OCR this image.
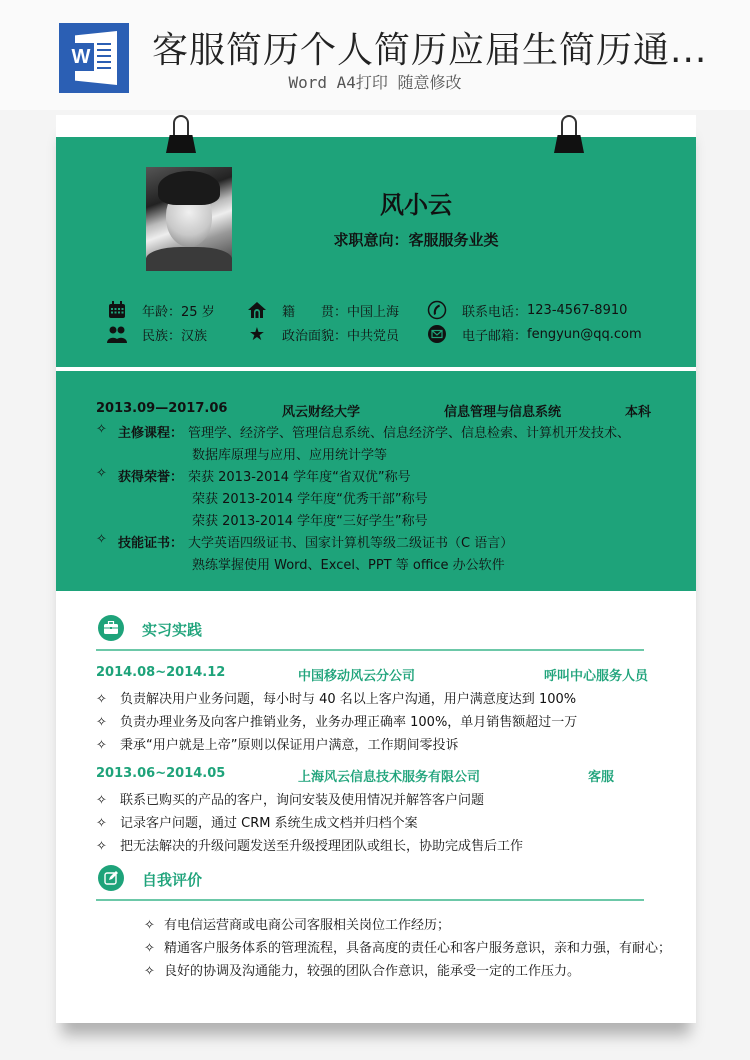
W 客服简历个人简历应届生简历通...
Word A4打印 随意修改
风小云
求职意向：客服服务业类
年龄： 25 岁	籍　　贯： 中国上海	联系电话： 123-4567-8910
民族： 汉族 ★ 政治面貌： 中共党员	电子邮箱： fengyun@qq.com
2013.09—2017.06	风云财经大学	信息管理与信息系统	本科
✧ 主修课程： 管理学、经济学、管理信息系统、信息经济学、信息检索、计算机开发技术、
数据库原理与应用、应用统计学等
✧ 获得荣誉： 荣获 2013-2014 学年度“省双优”称号
荣获 2013-2014 学年度“优秀干部”称号
荣获 2013-2014 学年度“三好学生”称号
✧ 技能证书： 大学英语四级证书、国家计算机等级二级证书（C 语言）
熟练掌握使用 Word、Excel、PPT 等 office 办公软件
实习实践
2014.08~2014.12	中国移动风云分公司	呼叫中心服务人员
✧ 负责解决用户业务问题，每小时与 40 名以上客户沟通，用户满意度达到 100%
✧ 负责办理业务及向客户推销业务，业务办理正确率 100%，单月销售额超过一万
✧ 秉承“用户就是上帝”原则以保证用户满意，工作期间零投诉
2013.06~2014.05	上海风云信息技术服务有限公司	客服
✧ 联系已购买的产品的客户，询问安装及使用情况并解答客户问题
✧ 记录客户问题，通过 CRM 系统生成文档并归档个案
✧ 把无法解决的升级问题发送至升级授理团队或组长，协助完成售后工作
自我评价
✧ 有电信运营商或电商公司客服相关岗位工作经历；
✧ 精通客户服务体系的管理流程，具备高度的责任心和客户服务意识，亲和力强，有耐心；
✧ 良好的协调及沟通能力，较强的团队合作意识，能承受一定的工作压力。
